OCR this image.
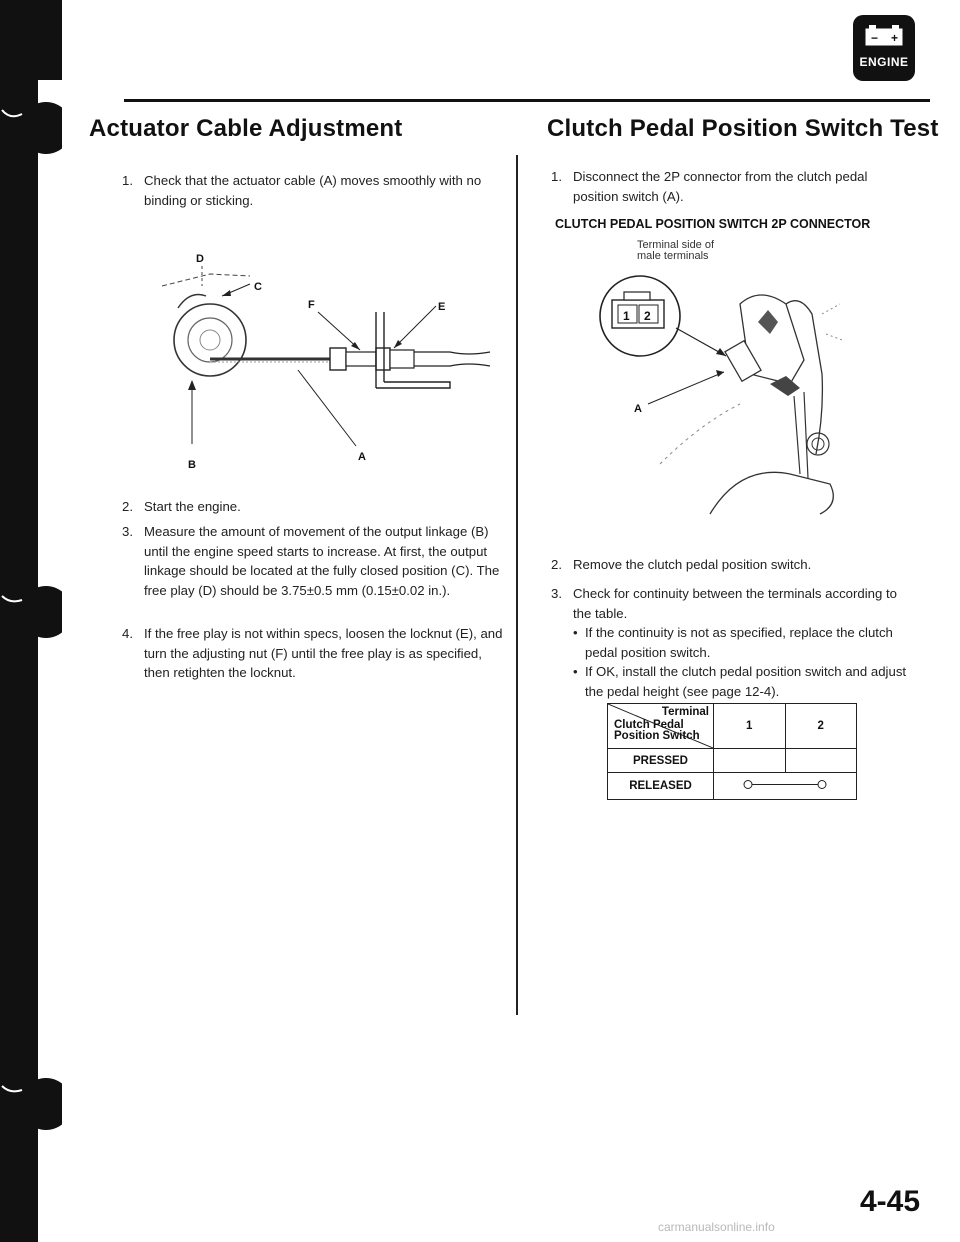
− +
ENGINE
Actuator Cable Adjustment
1. Check that the actuator cable (A) moves smoothly with no binding or sticking.
D
C
F	E
A
B
2. Start the engine.
3. Measure the amount of movement of the output linkage (B) until the engine speed starts to increase. At first, the output linkage should be located at the fully closed position (C). The free play (D) should be 3.75±0.5 mm (0.15±0.02 in.).
4. If the free play is not within specs, loosen the locknut (E), and turn the adjusting nut (F) until the free play is as specified, then retighten the locknut.
Clutch Pedal Position Switch Test
1. Disconnect the 2P connector from the clutch pedal position switch (A).
CLUTCH PEDAL POSITION SWITCH 2P CONNECTOR
Terminal side of
male terminals
1 2
A
2. Remove the clutch pedal position switch.
3. Check for continuity between the terminals according to the table.
• If the continuity is not as specified, replace the clutch pedal position switch.
• If OK, install the clutch pedal position switch and adjust the pedal height (see page 12-4).
Terminal
Clutch Pedal
Position Switch	1	2
PRESSED		
RELEASED	
4-45
carmanualsonline.info
